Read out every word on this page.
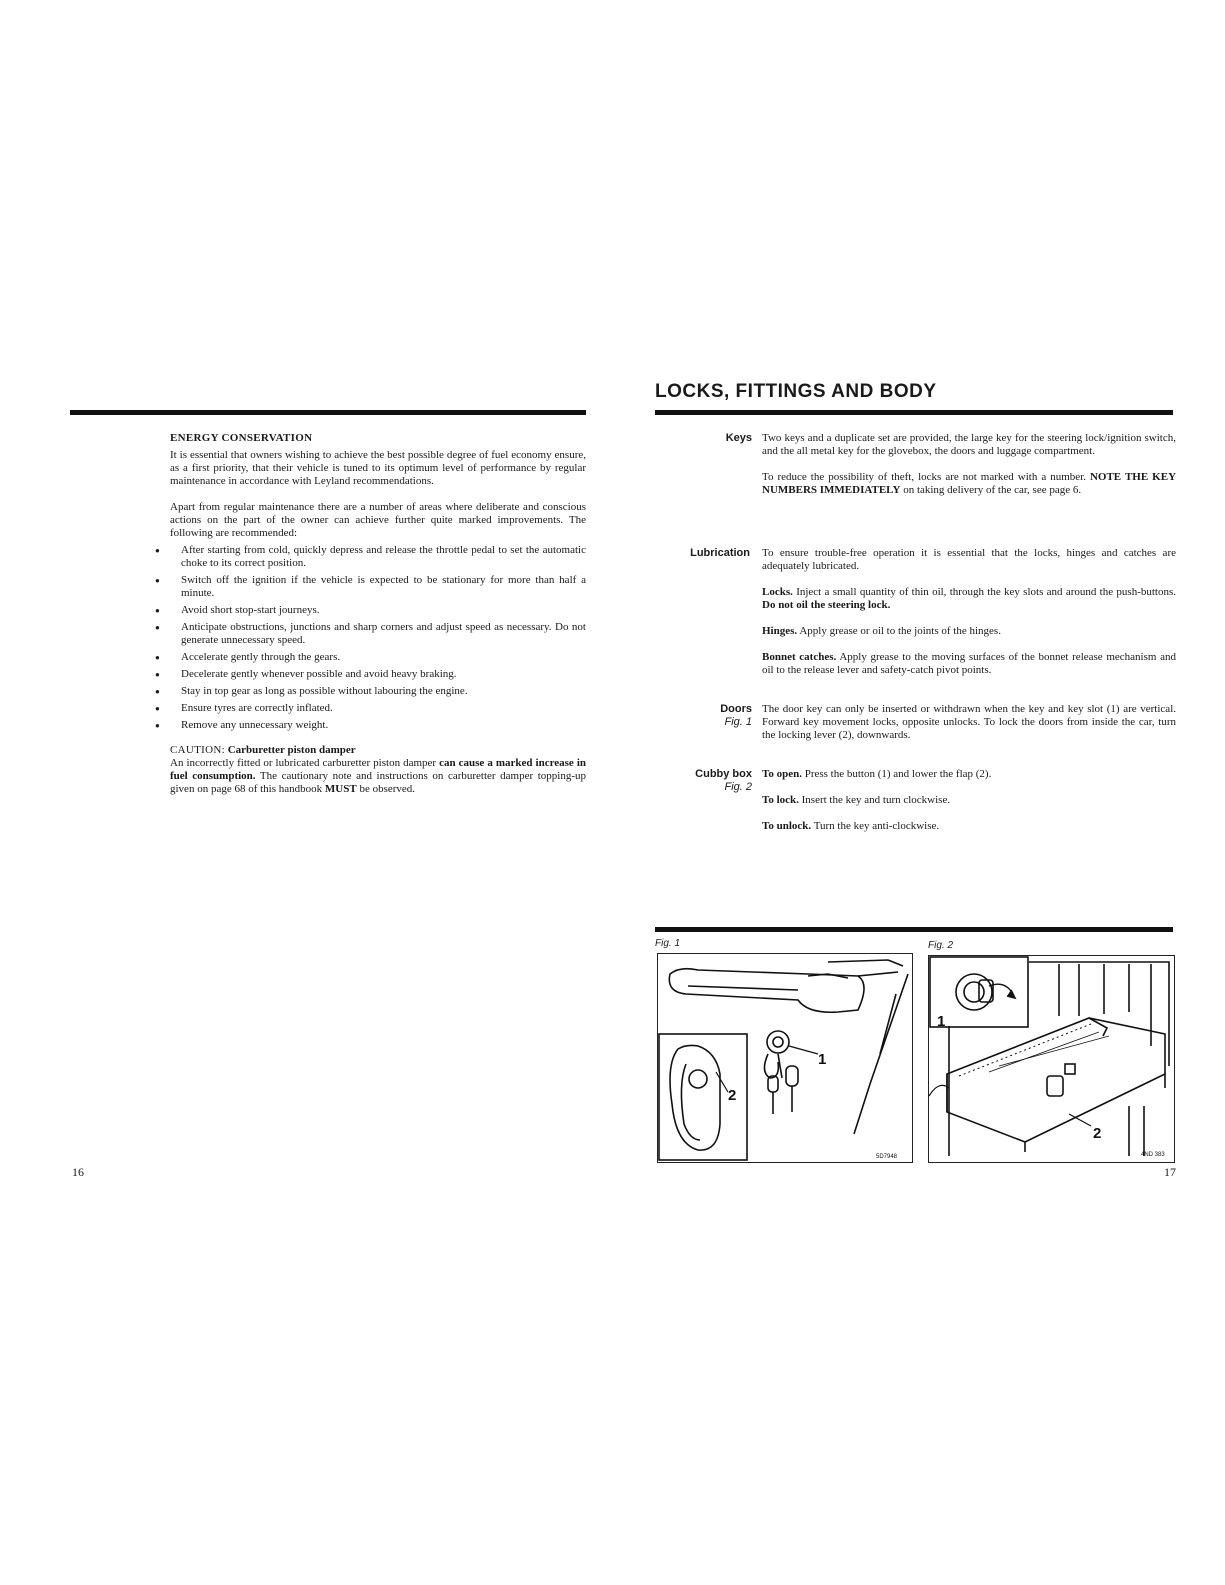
ENERGY CONSERVATION

It is essential that owners wishing to achieve the best possible degree of fuel economy ensure, as a first priority, that their vehicle is tuned to its optimum level of performance by regular maintenance in accordance with Leyland recommendations.

Apart from regular maintenance there are a number of areas where deliberate and conscious actions on the part of the owner can achieve further quite marked improvements. The following are recommended:

● After starting from cold, quickly depress and release the throttle pedal to set the automatic choke to its correct position.
● Switch off the ignition if the vehicle is expected to be stationary for more than half a minute.
● Avoid short stop-start journeys.
● Anticipate obstructions, junctions and sharp corners and adjust speed as necessary. Do not generate unnecessary speed.
● Accelerate gently through the gears.
● Decelerate gently whenever possible and avoid heavy braking.
● Stay in top gear as long as possible without labouring the engine.
● Ensure tyres are correctly inflated.
● Remove any unnecessary weight.

CAUTION: Carburetter piston damper

An incorrectly fitted or lubricated carburetter piston damper can cause a marked increase in fuel consumption. The cautionary note and instructions on carburetter damper topping-up given on page 68 of this handbook MUST be observed.

16
LOCKS, FITTINGS AND BODY
Keys Two keys and a duplicate set are provided, the large key for the steering lock/ignition switch, and the all metal key for the glovebox, the doors and luggage compartment.

To reduce the possibility of theft, locks are not marked with a number. NOTE THE KEY NUMBERS IMMEDIATELY on taking delivery of the car, see page 6.

Lubrication To ensure trouble-free operation it is essential that the locks, hinges and catches are adequately lubricated.

Locks. Inject a small quantity of thin oil, through the key slots and around the push-buttons. Do not oil the steering lock.

Hinges. Apply grease or oil to the joints of the hinges.

Bonnet catches. Apply grease to the moving surfaces of the bonnet release mechanism and oil to the release lever and safety-catch pivot points.

Doors
Fig. 1

The door key can only be inserted or withdrawn when the key and key slot (1) are vertical. Forward key movement locks, opposite unlocks. To lock the doors from inside the car, turn the locking lever (2), downwards.

Cubby box
Fig. 2

To open. Press the button (1) and lower the flap (2).

To lock. Insert the key and turn clockwise.

To unlock. Turn the key anti-clockwise.

Fig. 1
1
2
5D7948
Fig. 2
1
2
4ND 383
17
